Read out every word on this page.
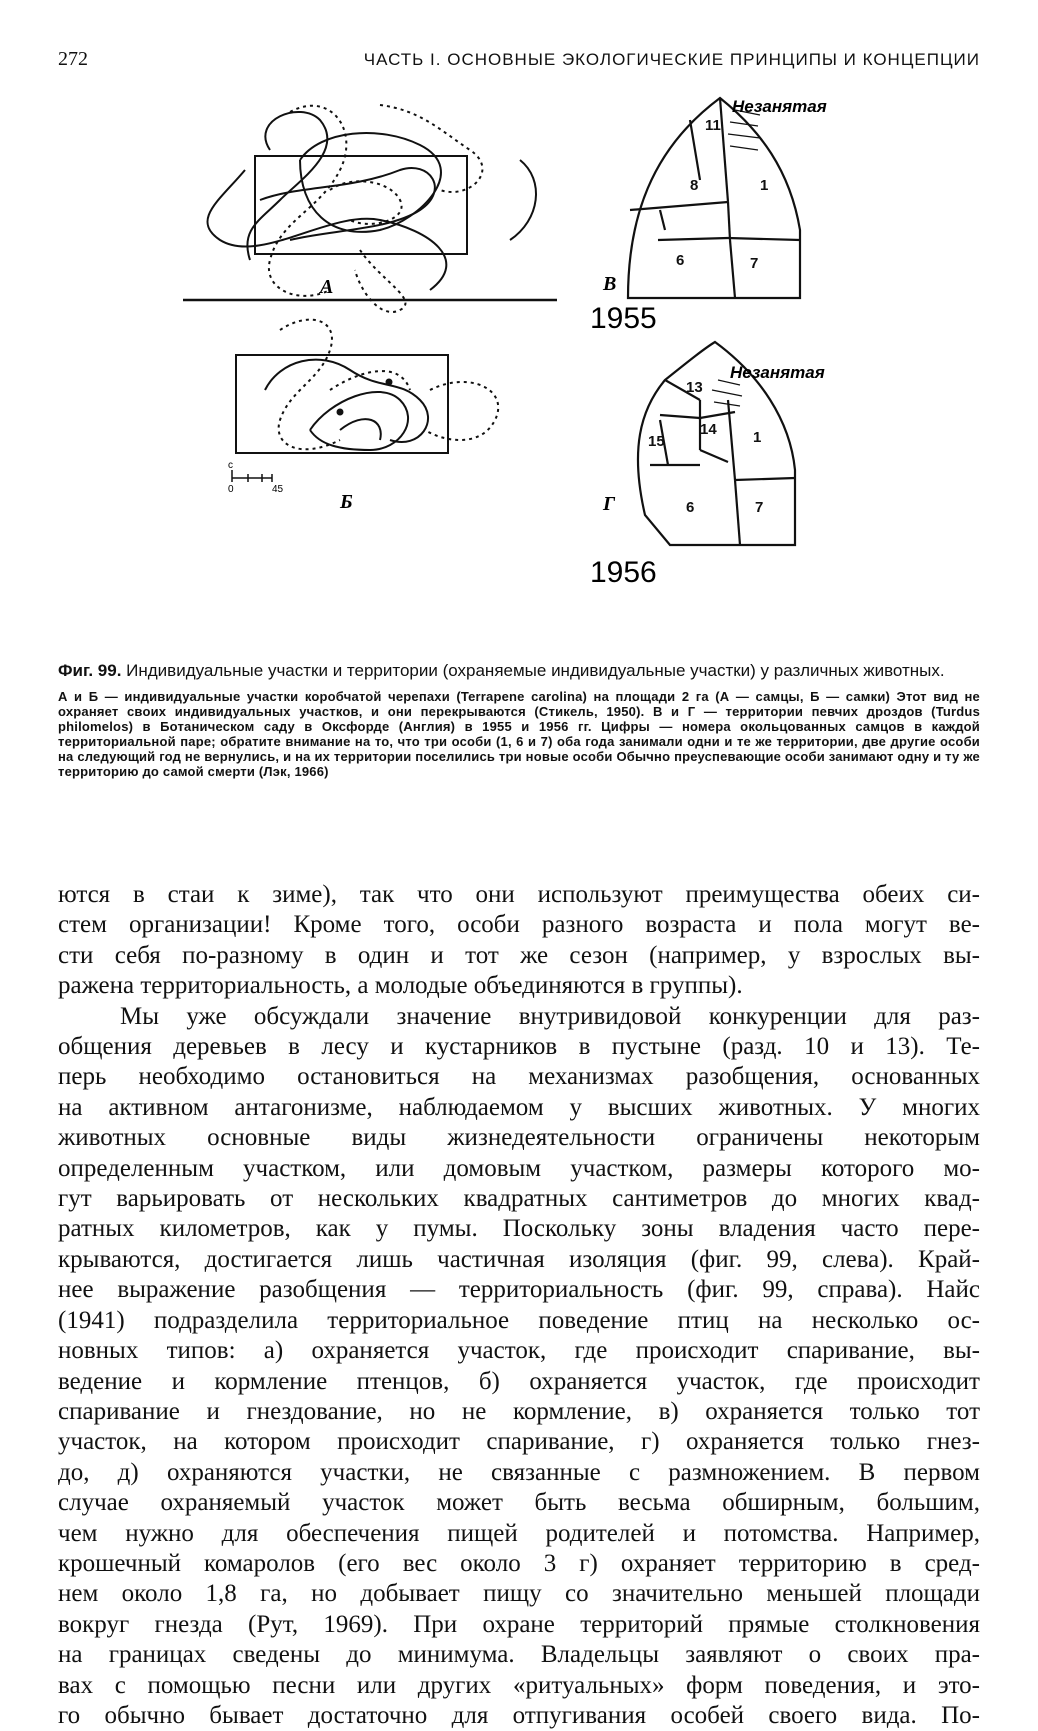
272	ЧАСТЬ I. ОСНОВНЫЕ ЭКОЛОГИЧЕСКИЕ ПРИНЦИПЫ И КОНЦЕПЦИИ
А
с
0	45
Б
Незанятая
11
8	1
6	7
В
1955
Незанятая
13
15
14 1
6	7
Г
1956

Фиг. 99. Индивидуальные участки и территории (охраняемые индивидуальные участки) у различных животных.

А и Б — индивидуальные участки коробчатой черепахи (Terrapene carolina) на площади 2 га (А — самцы, Б — самки) Этот вид не охраняет своих индивидуальных участков, и они перекрываются (Стикель, 1950). В и Г — территории певчих дроздов (Turdus philomelos) в Ботаническом саду в Оксфорде (Англия) в 1955 и 1956 гг. Цифры — номера окольцованных самцов в каждой территориальной паре; обратите внимание на то, что три особи (1, 6 и 7) оба года занимали одни и те же территории, две другие особи на следующий год не вернулись, и на их территории поселились три новые особи Обычно преуспевающие особи занимают одну и ту же территорию до самой смерти (Лэк, 1966)

ются в стаи к зиме), так что они используют преимущества обеих си-

стем организации! Кроме того, особи разного возраста и пола могут ве-

сти себя по-разному в один и тот же сезон (например, у взрослых вы-

ражена территориальность, а молодые объединяются в группы).

Мы уже обсуждали значение внутривидовой конкуренции для раз-

общения деревьев в лесу и кустарников в пустыне (разд. 10 и 13). Те-

перь необходимо остановиться на механизмах разобщения, основанных

на активном антагонизме, наблюдаемом у высших животных. У многих

животных основные виды жизнедеятельности ограничены некоторым

определенным участком, или домовым участком, размеры которого мо-

гут варьировать от нескольких квадратных сантиметров до многих квад-

ратных километров, как у пумы. Поскольку зоны владения часто пере-

крываются, достигается лишь частичная изоляция (фиг. 99, слева). Край-

нее выражение разобщения — территориальность (фиг. 99, справа). Найс

(1941) подразделила территориальное поведение птиц на несколько ос-

новных типов: а) охраняется участок, где происходит спаривание, вы-

ведение и кормление птенцов, б) охраняется участок, где происходит

спаривание и гнездование, но не кормление, в) охраняется только тот

участок, на котором происходит спаривание, г) охраняется только гнез-

до, д) охраняются участки, не связанные с размножением. В первом

случае охраняемый участок может быть весьма обширным, большим,

чем нужно для обеспечения пищей родителей и потомства. Например,

крошечный комаролов (его вес около 3 г) охраняет территорию в сред-

нем около 1,8 га, но добывает пищу со значительно меньшей площади

вокруг гнезда (Рут, 1969). При охране территорий прямые столкновения

на границах сведены до минимума. Владельцы заявляют о своих пра-

вах с помощью песни или других «ритуальных» форм поведения, и это-

го обычно бывает достаточно для отпугивания особей своего вида. По-
